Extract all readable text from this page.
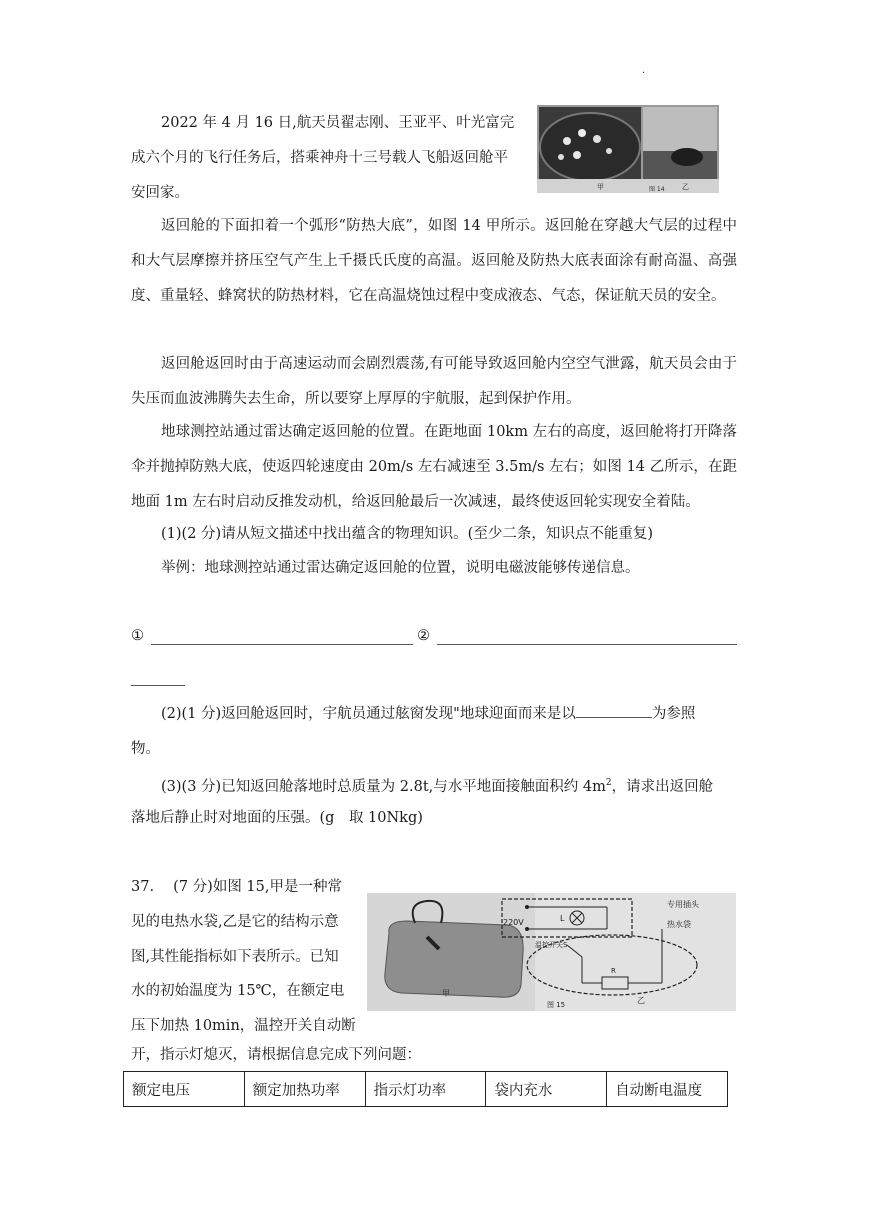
·

2022 年 4 月 16 日,航天员翟志刚、王亚平、叶光富完

成六个月的飞行任务后，搭乘神舟十三号载人飞船返回舱平

安回家。	甲	乙
图 14

返回舱的下面扣着一个弧形“防热大底”，如图 14 甲所示。返回舱在穿越大气层的过程中和大气层摩擦并挤压空气产生上千摄氏氏度的高温。返回舱及防热大底表面涂有耐高温、高强度、重量轻、蜂窝状的防热材料，它在高温烧蚀过程中变成液态、气态，保证航天员的安全。

返回舱返回时由于高速运动而会剧烈震荡,有可能导致返回舱内空空气泄露，航天员会由于失压而血波沸腾失去生命，所以要穿上厚厚的宇航服，起到保护作用。

地球测控站通过雷达确定返回舱的位置。在距地面 10km 左右的高度，返回舱将打开降落伞并抛掉防熟大底，使返四轮速度由 20m/s 左右减速至 3.5m/s 左右；如图 14 乙所示，在距地面 1m 左右时启动反推发动机，给返回舱最后一次减速，最终使返回轮实现安全着陆。

(1)(2 分)请从短文描述中找出蕴含的物理知识。(至少二条，知识点不能重复)

举例：地球测控站通过雷达确定返回舱的位置，说明电磁波能够传递信息。

①	②

(2)(1 分)返回舱返回时，宇航员通过舷窗发现"地球迎面而来是以	为参照

物。

(3)(3 分)已知返回舱落地时总质量为 2.8t,与水平地面接触面积约 $4m^2$，请求出返回舱

落地后静止时对地面的压强。(g　取 10Nkg)

37.　 (7 分)如图 15,甲是一种常

见的电热水袋,乙是它的结构示意

图,其性能指标如下表所示。已知

水的初始温度为 15℃，在额定电

压下加热 10min，温控开关自动断

开，指示灯熄灭，请根据信息完成下列问题：

甲
L
220V
R
温控开关S
专用插头
热水袋
乙
图 15
额定电压	额定加热功率	指示灯功率	袋内充水	自动断电温度
